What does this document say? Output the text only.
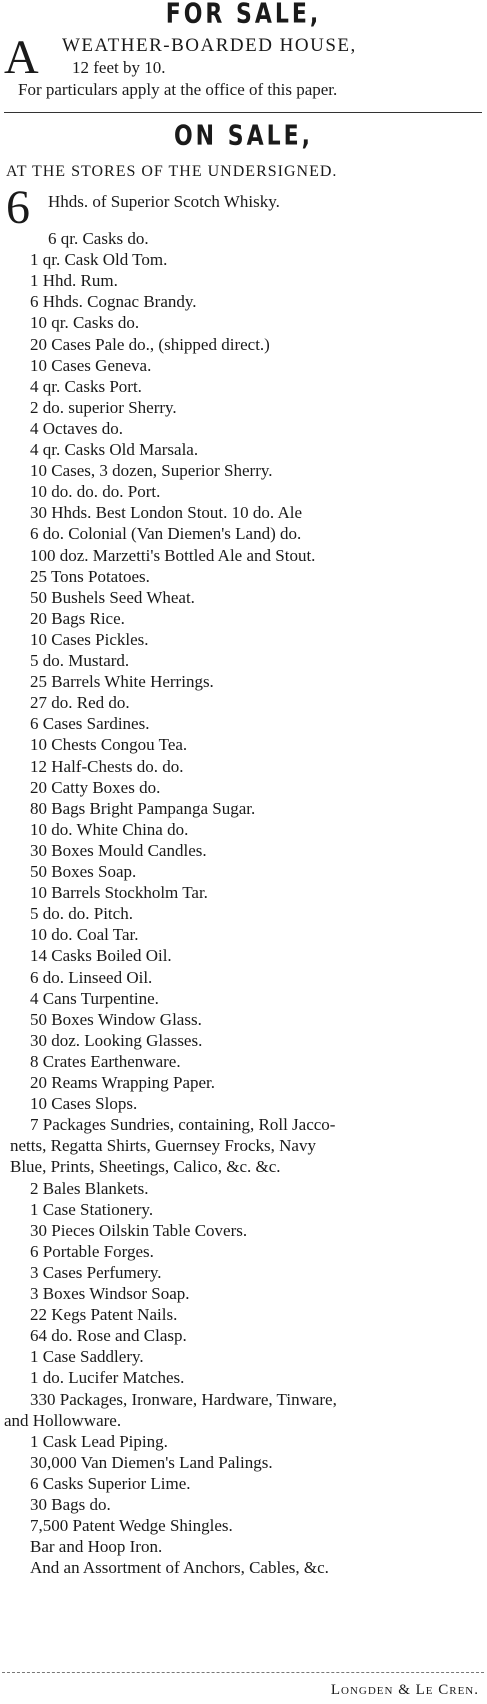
FOR SALE,
A WEATHER-BOARDED HOUSE,
12 feet by 10.
For particulars apply at the office of this paper.
ON SALE,
AT THE STORES OF THE UNDERSIGNED.
6 Hhds. of Superior Scotch Whisky.
6 qr. Casks do.
1 qr. Cask Old Tom.
1 Hhd. Rum.
6 Hhds. Cognac Brandy.
10 qr. Casks do.
20 Cases Pale do., (shipped direct.)
10 Cases Geneva.
4 qr. Casks Port.
2 do. superior Sherry.
4 Octaves do.
4 qr. Casks Old Marsala.
10 Cases, 3 dozen, Superior Sherry.
10 do. do. do. Port.
30 Hhds. Best London Stout. 10 do. Ale
6 do. Colonial (Van Diemen's Land) do.
100 doz. Marzetti's Bottled Ale and Stout.
25 Tons Potatoes.
50 Bushels Seed Wheat.
20 Bags Rice.
10 Cases Pickles.
5 do. Mustard.
25 Barrels White Herrings.
27 do. Red do.
6 Cases Sardines.
10 Chests Congou Tea.
12 Half-Chests do. do.
20 Catty Boxes do.
80 Bags Bright Pampanga Sugar.
10 do. White China do.
30 Boxes Mould Candles.
50 Boxes Soap.
10 Barrels Stockholm Tar.
5 do. do. Pitch.
10 do. Coal Tar.
14 Casks Boiled Oil.
6 do. Linseed Oil.
4 Cans Turpentine.
50 Boxes Window Glass.
30 doz. Looking Glasses.
8 Crates Earthenware.
20 Reams Wrapping Paper.
10 Cases Slops.
7 Packages Sundries, containing, Roll Jacco-
netts, Regatta Shirts, Guernsey Frocks, Navy
Blue, Prints, Sheetings, Calico, &c. &c.
2 Bales Blankets.
1 Case Stationery.
30 Pieces Oilskin Table Covers.
6 Portable Forges.
3 Cases Perfumery.
3 Boxes Windsor Soap.
22 Kegs Patent Nails.
64 do. Rose and Clasp.
1 Case Saddlery.
1 do. Lucifer Matches.
330 Packages, Ironware, Hardware, Tinware,
and Hollowware.
1 Cask Lead Piping.
30,000 Van Diemen's Land Palings.
6 Casks Superior Lime.
30 Bags do.
7,500 Patent Wedge Shingles.
Bar and Hoop Iron.
And an Assortment of Anchors, Cables, &c.
Longden & Le Cren.
